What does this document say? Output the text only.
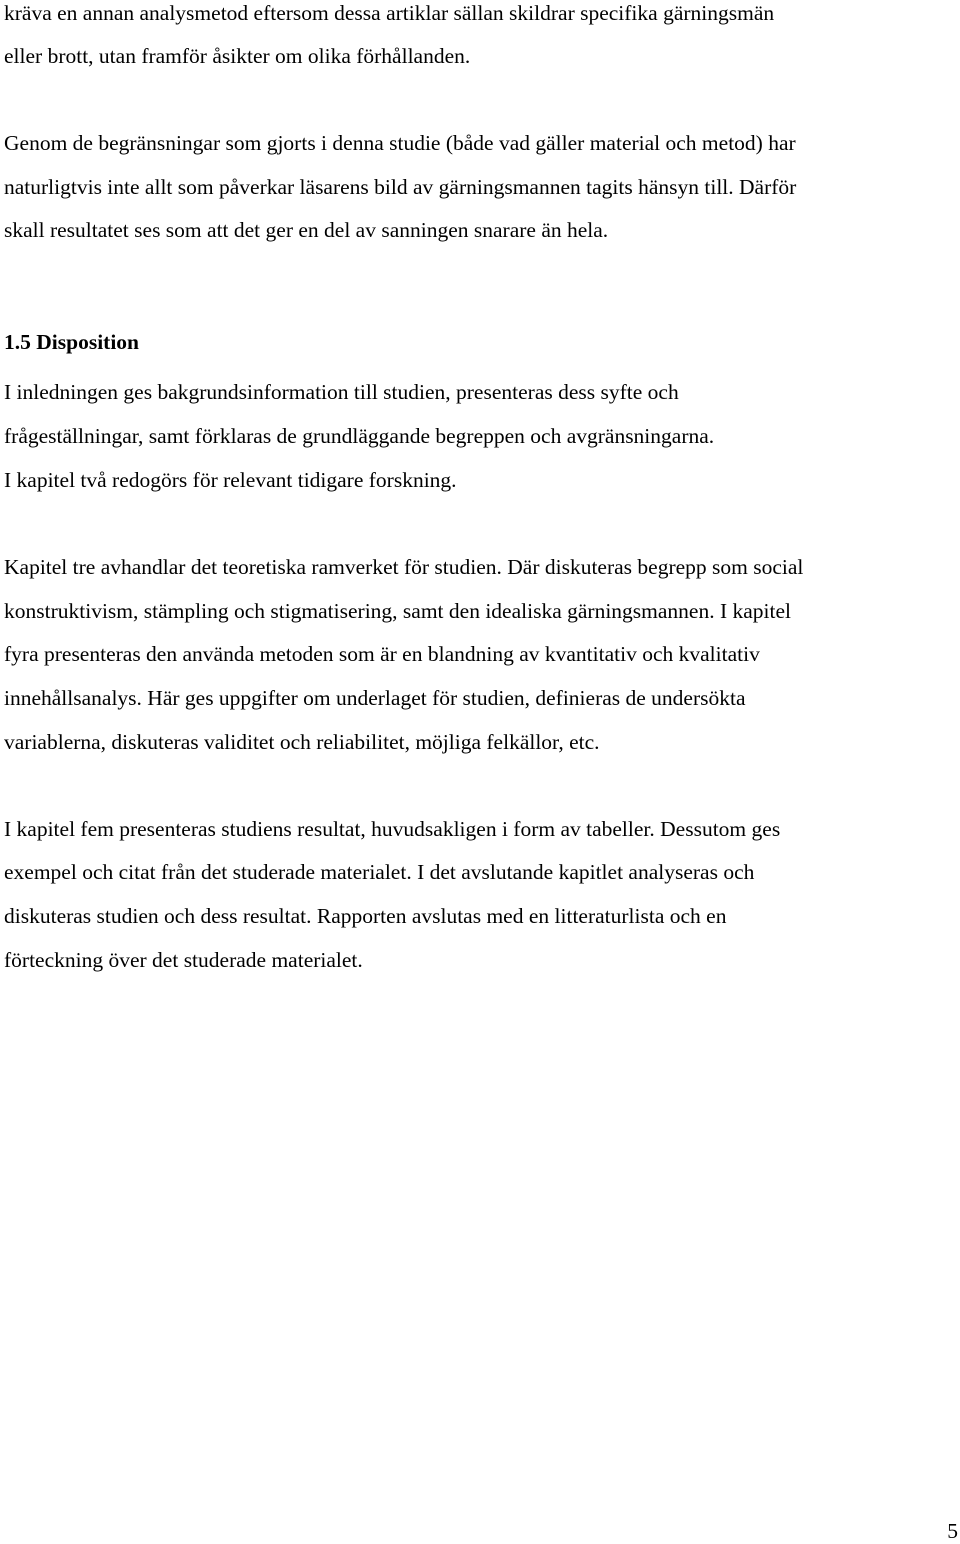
kräva en annan analysmetod eftersom dessa artiklar sällan skildrar specifika gärningsmän
eller brott, utan framför åsikter om olika förhållanden.
Genom de begränsningar som gjorts i denna studie (både vad gäller material och metod) har
naturligtvis inte allt som påverkar läsarens bild av gärningsmannen tagits hänsyn till. Därför
skall resultatet ses som att det ger en del av sanningen snarare än hela.
1.5 Disposition
I inledningen ges bakgrundsinformation till studien, presenteras dess syfte och
frågeställningar, samt förklaras de grundläggande begreppen och avgränsningarna.
I kapitel två redogörs för relevant tidigare forskning.
Kapitel tre avhandlar det teoretiska ramverket för studien. Där diskuteras begrepp som social
konstruktivism, stämpling och stigmatisering, samt den idealiska gärningsmannen. I kapitel
fyra presenteras den använda metoden som är en blandning av kvantitativ och kvalitativ
innehållsanalys. Här ges uppgifter om underlaget för studien, definieras de undersökta
variablerna, diskuteras validitet och reliabilitet, möjliga felkällor, etc.
I kapitel fem presenteras studiens resultat, huvudsakligen i form av tabeller. Dessutom ges
exempel och citat från det studerade materialet. I det avslutande kapitlet analyseras och
diskuteras studien och dess resultat. Rapporten avslutas med en litteraturlista och en
förteckning över det studerade materialet.
5
